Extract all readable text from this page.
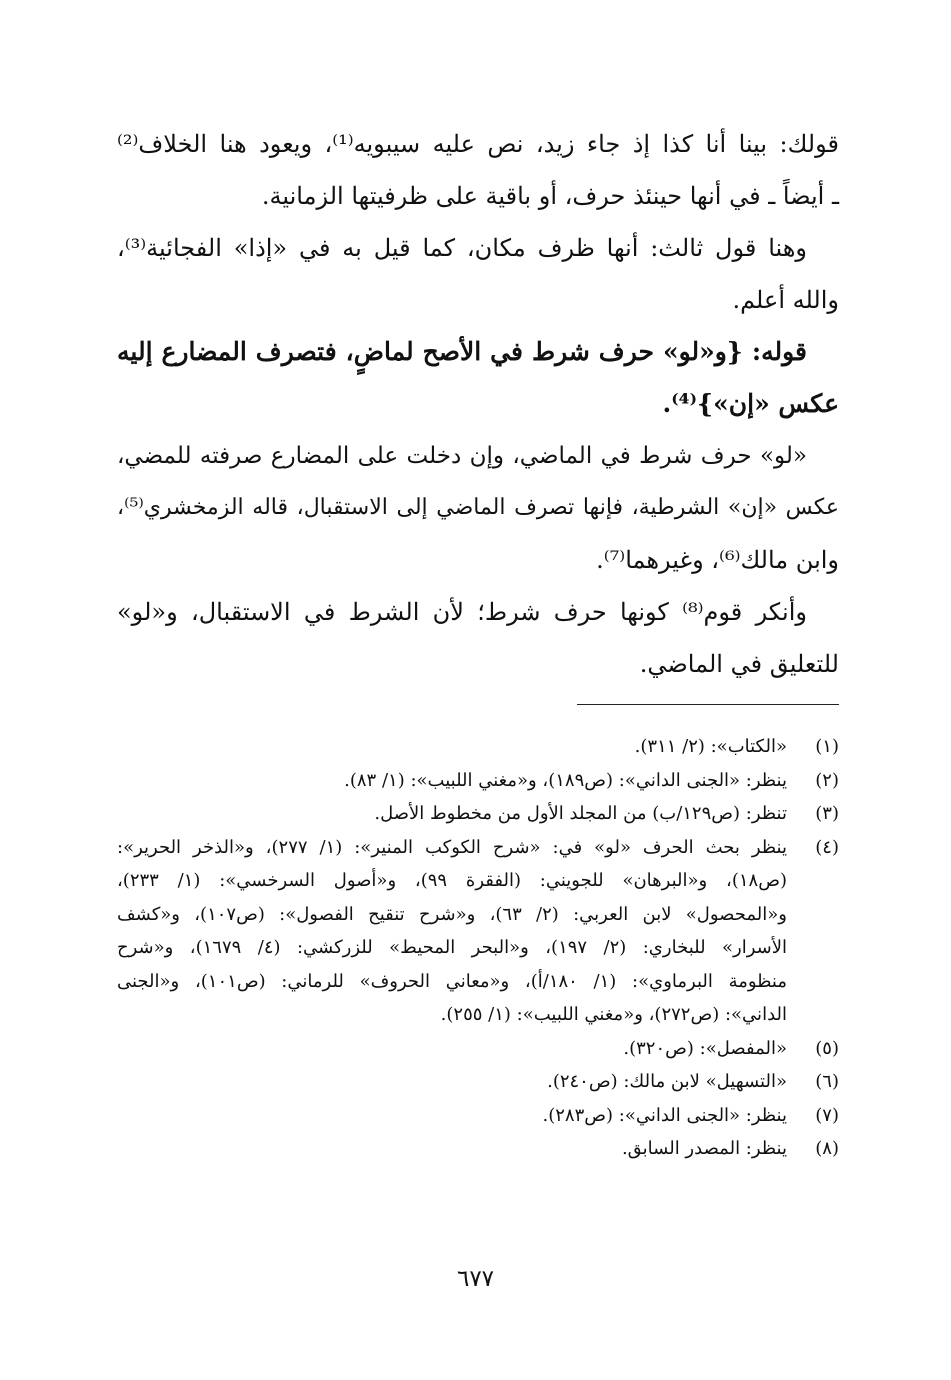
قولك: بينا أنا كذا إذ جاء زيد، نص عليه سيبويه⁽¹⁾، ويعود هنا الخلاف⁽²⁾
ـ أيضاً ـ في أنها حينئذ حرف، أو باقية على ظرفيتها الزمانية.
وهنا قول ثالث: أنها ظرف مكان، كما قيل به في «إذا» الفجائية⁽³⁾،
والله أعلم.
قوله: {و«لو» حرف شرط في الأصح لماضٍ، فتصرف المضارع إليه
عكس «إن»}⁽⁴⁾.
«لو» حرف شرط في الماضي، وإن دخلت على المضارع صرفته للمضي،
عكس «إن» الشرطية، فإنها تصرف الماضي إلى الاستقبال، قاله الزمخشري⁽⁵⁾،
وابن مالك⁽⁶⁾، وغيرهما⁽⁷⁾.
وأنكر قوم⁽⁸⁾ كونها حرف شرط؛ لأن الشرط في الاستقبال، و«لو»
للتعليق في الماضي.
(١)
«الكتاب»: (٢/ ٣١١).
(٢)
ينظر: «الجنى الداني»: (ص١٨٩)، و«مغني اللبيب»: (١/ ٨٣).
(٣)
تنظر: (ص١٢٩/ب) من المجلد الأول من مخطوط الأصل.
(٤)
ينظر بحث الحرف «لو» في: «شرح الكوكب المنير»: (١/ ٢٧٧)، و«الذخر الحرير»:
(ص١٨)، و«البرهان» للجويني: (الفقرة ٩٩)، و«أصول السرخسي»: (١/ ٢٣٣)،
و«المحصول» لابن العربي: (٢/ ٦٣)، و«شرح تنقيح الفصول»: (ص١٠٧)، و«كشف
الأسرار» للبخاري: (٢/ ١٩٧)، و«البحر المحيط» للزركشي: (٤/ ١٦٧٩)، و«شرح
منظومة البرماوي»: (١/ ١٨٠/أ)، و«معاني الحروف» للرماني: (ص١٠١)، و«الجنى
الداني»: (ص٢٧٢)، و«مغني اللبيب»: (١/ ٢٥٥).
(٥)
«المفصل»: (ص٣٢٠).
(٦)
«التسهيل» لابن مالك: (ص٢٤٠).
(٧)
ينظر: «الجنى الداني»: (ص٢٨٣).
(٨)
ينظر: المصدر السابق.
٦٧٧
